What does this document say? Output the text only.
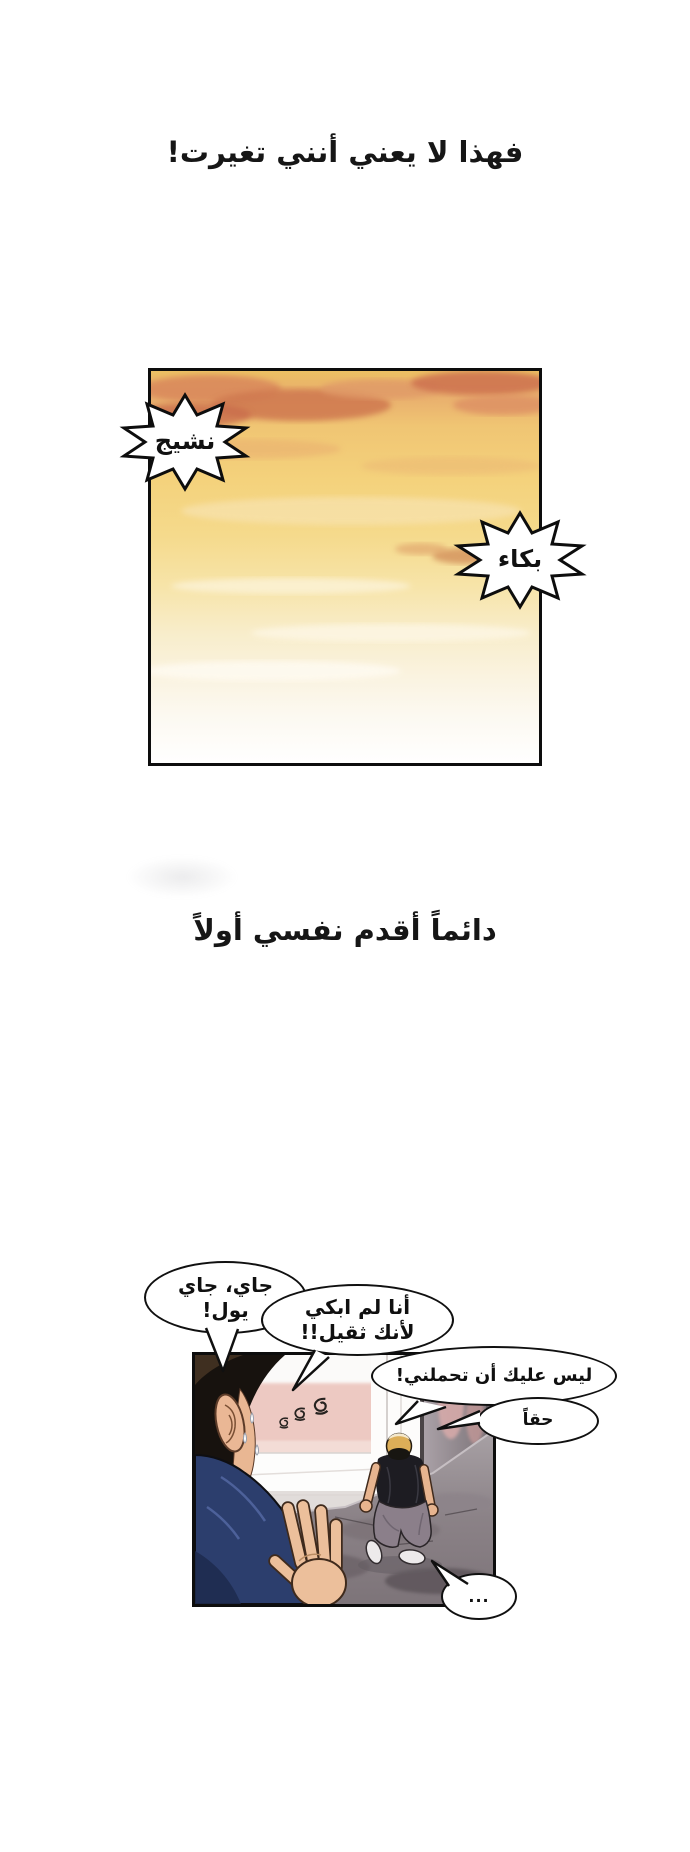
فهذا لا يعني أنني تغيرت!
نشيج
بكاء
دائماً أقدم نفسي أولاً
جاي، جاي
يول!	أنا لم ابكي
لأنك ثقيل!!
ليس عليك أن تحملني!
حقاً
...
